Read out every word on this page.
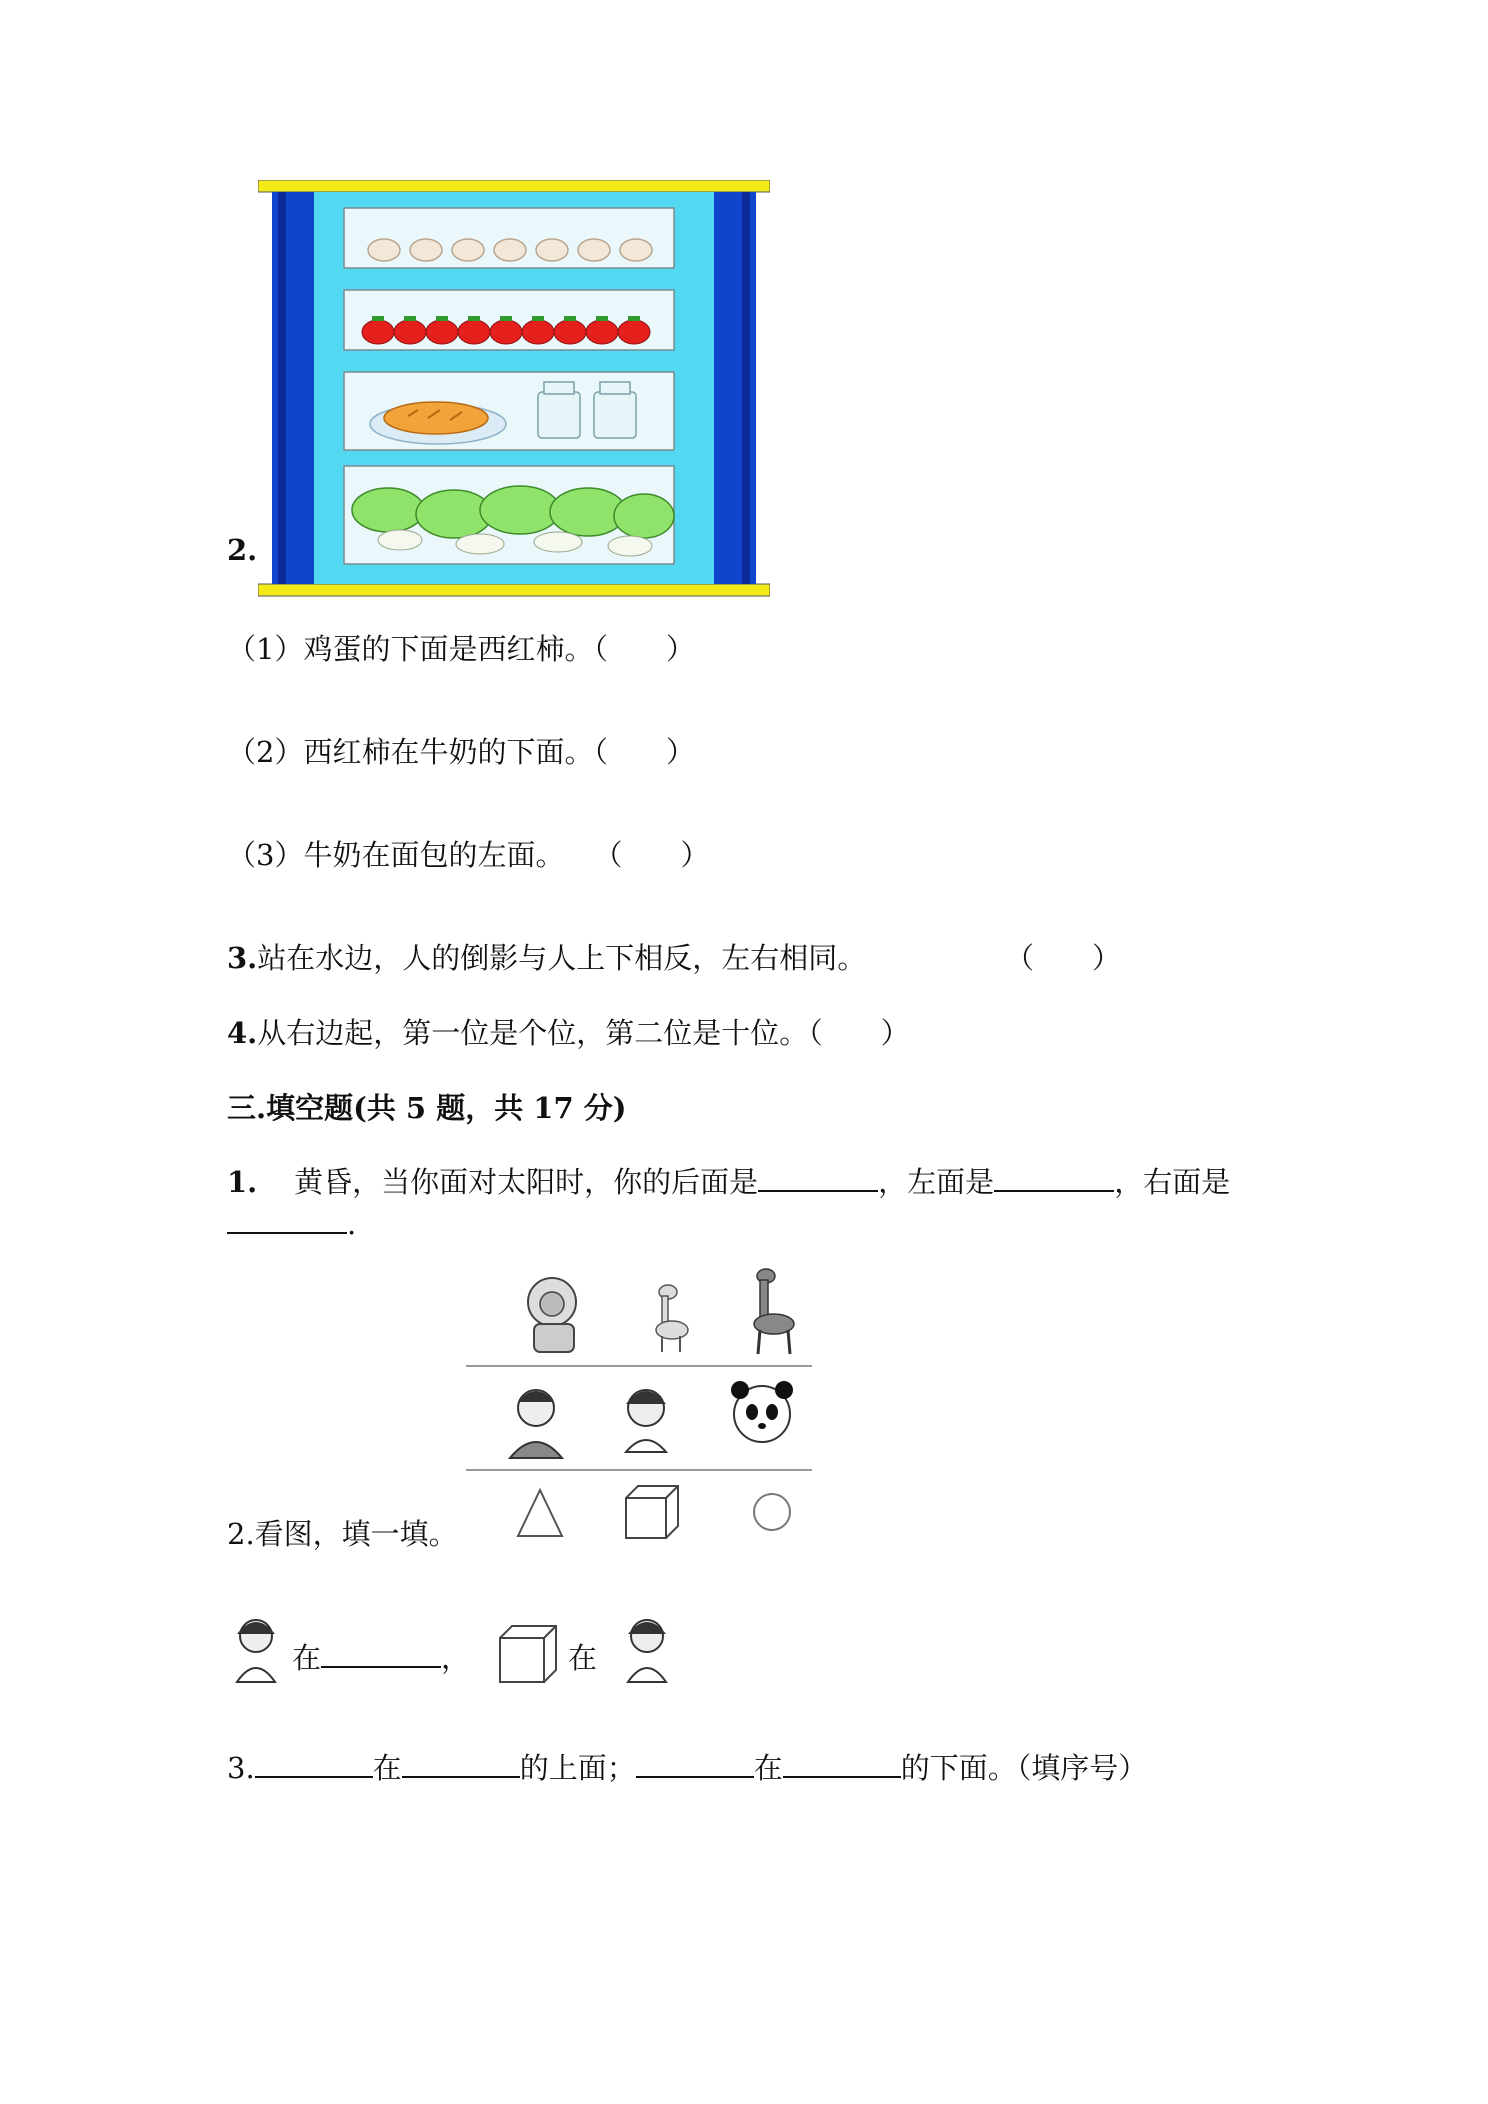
2.
（1）鸡蛋的下面是西红柿。（　　）
（2）西红柿在牛奶的下面。（　　）
（3）牛奶在面包的左面。　　（　　）
3.站在水边，人的倒影与人上下相反，左右相同。	（　　）
4.从右边起，第一位是个位，第二位是十位。（　　）
三.填空题(共 5 题，共 17 分)
1. 黄昏，当你面对太阳时，你的后面是	，左面是	，右面是
.
2.看图，填一填。
在	，	在
3.	在	的上面；	在	的下面。（填序号）
